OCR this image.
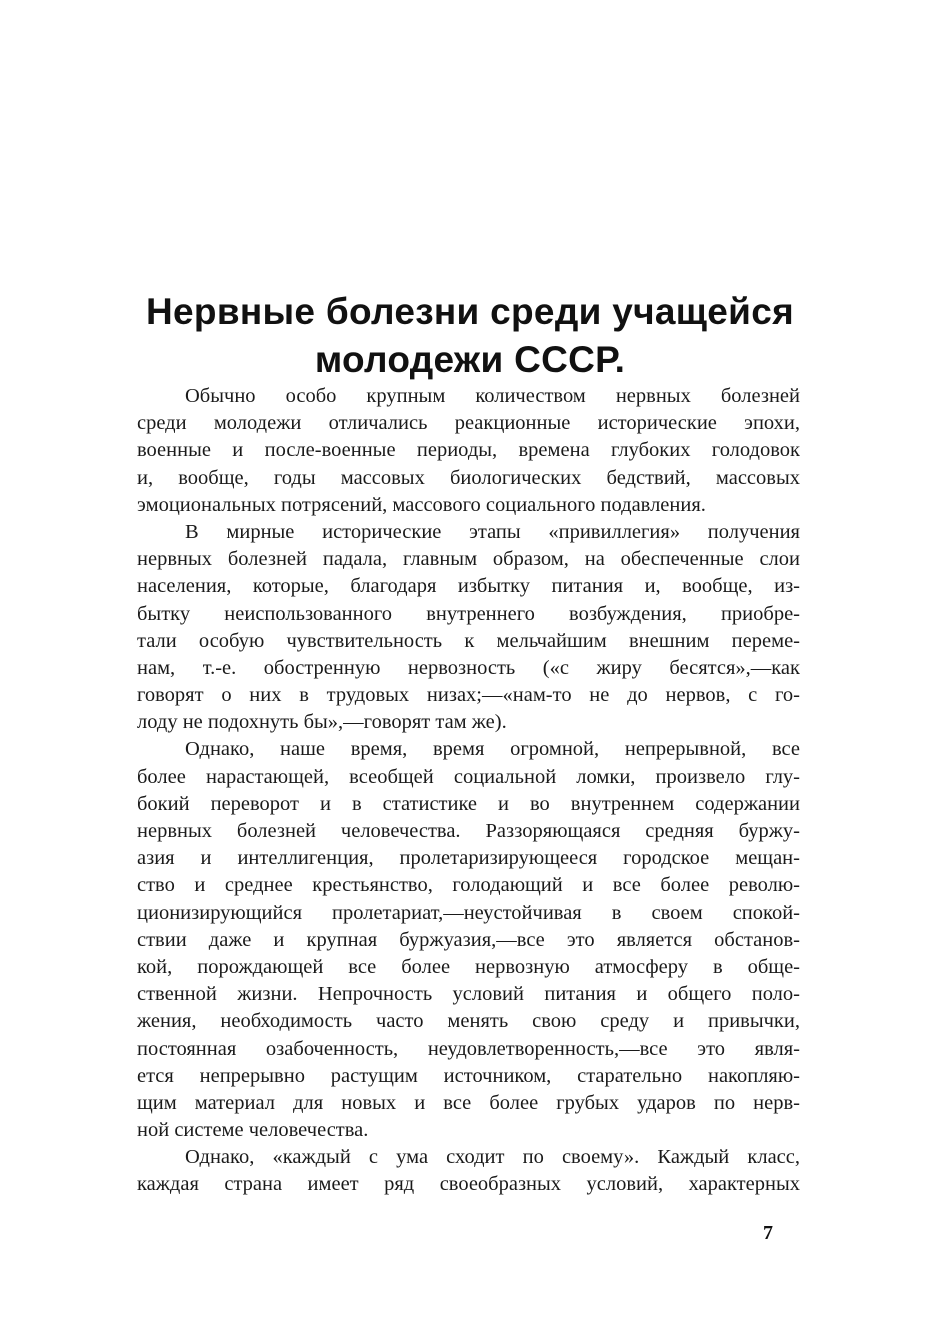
Нервные болезни среди учащейся
молодежи СССР.
Обычно особо крупным количеством нервных болезней
среди молодежи отличались реакционные исторические эпохи,
военные и после-военные периоды, времена глубоких голодовок
и, вообще, годы массовых биологических бедствий, массовых
эмоциональных потрясений, массового социального подавления.
В мирные исторические этапы «привиллегия» получения
нервных болезней падала, главным образом, на обеспеченные слои
населения, которые, благодаря избытку питания и, вообще, из-
бытку неиспользованного внутреннего возбуждения, приобре-
тали особую чувствительность к мельчайшим внешним переме-
нам, т.-е. обостренную нервозность («с жиру бесятся»,—как
говорят о них в трудовых низах;—«нам-то не до нервов, с го-
лоду не подохнуть бы»,—говорят там же).
Однако, наше время, время огромной, непрерывной, все
более нарастающей, всеобщей социальной ломки, произвело глу-
бокий переворот и в статистике и во внутреннем содержании
нервных болезней человечества. Раззоряющаяся средняя буржу-
азия и интеллигенция, пролетаризирующееся городское мещан-
ство и среднее крестьянство, голодающий и все более револю-
ционизирующийся пролетариат,—неустойчивая в своем спокой-
ствии даже и крупная буржуазия,—все это является обстанов-
кой, порождающей все более нервозную атмосферу в обще-
ственной жизни. Непрочность условий питания и общего поло-
жения, необходимость часто менять свою среду и привычки,
постоянная озабоченность, неудовлетворенность,—все это явля-
ется непрерывно растущим источником, старательно накопляю-
щим материал для новых и все более грубых ударов по нерв-
ной системе человечества.
Однако, «каждый с ума сходит по своему». Каждый класс,
каждая страна имеет ряд своеобразных условий, характерных
7
